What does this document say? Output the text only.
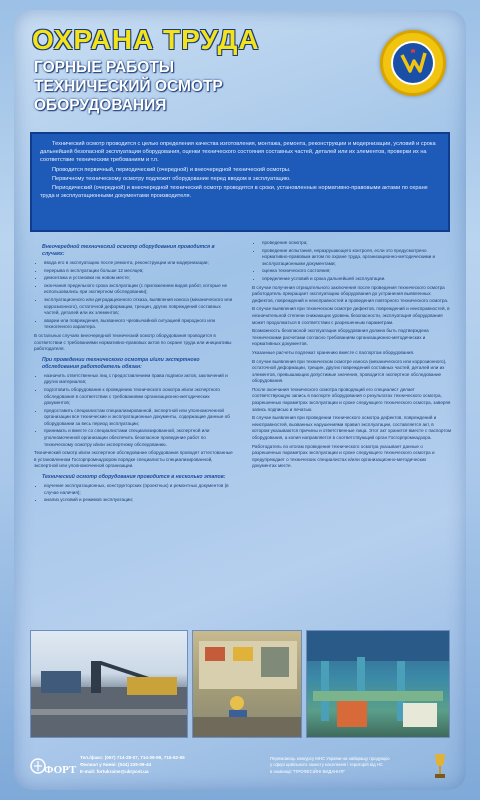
ОХРАНА ТРУДА
ГОРНЫЕ РАБОТЫ
ТЕХНИЧЕСКИЙ ОСМОТР
ОБОРУДОВАНИЯ

Технический осмотр проводится с целью определения качества изготовления, монтажа, ремонта, реконструкции и модернизации, условий и срока дальнейшей безопасной эксплуатации оборудования, оценки технического состояния составных частей, деталей или их элементов, проверки их на соответствие техническим требованиям и т.п.

Проводится первичный, периодический (очередной) и внеочередной технический осмотры.

Первичному техническому осмотру подлежит оборудование перед вводом в эксплуатацию.

Периодический (очередной) и внеочередной технический осмотр проводятся в сроки, установленные нормативно-правовыми актами по охране труда и эксплуатационными документами производителя.

Внеочередной технический осмотр оборудования проводится в случаях:
• ввода его в эксплуатацию после ремонта, реконструкции или модернизации;
• перерыва в эксплуатации больше 12 месяцев;
• демонтажа и установки на новом месте;
• окончания предельного срока эксплуатации (с приложением видов работ, которые не использовались при экспертном обследовании);
• эксплуатационного или деградационного отказа, выявления износа (механического или коррозионного), остаточной деформации, трещин, других повреждений составных частей, деталей или их элементов;
• аварии или повреждения, вызванного чрезвычайной ситуацией природного или техногенного характера.

В остальных случаях внеочередной технический осмотр оборудования проводится в соответствии с требованиями нормативно-правовых актов по охране труда или инициативы работодателя.

При проведении технического осмотра и/или экспертного обследования работодатель обязан:
• назначить ответственных лиц с предоставлением права подписи актов, заключений и других материалов;
• подготовить оборудование к проведению технического осмотра и/или экспертного обследования в соответствии с требованиями организационно-методических документов;
• предоставить специалистам специализированной, экспертной или уполномоченной организации все технические и эксплуатационные документы, содержащие данные об оборудовании за весь период эксплуатации;
• принимать и вместе со специалистами специализированной, экспертной или уполномоченной организации обеспечить безопасное проведение работ по техническому осмотру и/или экспертному обследованию.

Технический осмотр и/или экспертное обследование оборудования проводят аттестованные в установленном Госгорпромнадзором порядке специалисты специализированной, экспертной или уполномоченной организации.

Технический осмотр оборудования проводится в несколько этапов:
• изучение эксплуатационных, конструкторских (проектных) и ремонтных документов (в случае наличия);
• анализ условий и режимов эксплуатации;
• проведение осмотра;
• проведение испытания, неразрушающего контроля, если это предусмотрено нормативно-правовым актом по охране труда, организационно-методическими и эксплуатационными документами;
• оценка технического состояния;
• определение условий и срока дальнейшей эксплуатации.

В случае получения отрицательного заключения после проведения технического осмотра работодатель прекращает эксплуатацию оборудования до устранения выявленных дефектов, повреждений и неисправностей и проведения повторного технического осмотра.

В случае выявления при техническом осмотре дефектов, повреждений и неисправностей, в незначительной степени снижающих уровень безопасности, эксплуатация оборудования может продолжаться в соответствии с разрешенным параметрам.

Возможность безопасной эксплуатации оборудования должна быть подтверждена техническими расчетами согласно требованиям организационно-методических и нормативных документов.

Указанные расчеты подлежат хранению вместе с паспортом оборудования.

В случае выявления при техническом осмотре износа (механического или коррозионного), остаточной деформации, трещин, других повреждений составных частей, деталей или их элементов, превышающих допустимые значения, проводится экспертное обследование оборудования.

После окончания технического осмотра проводящий его специалист делает соответствующую запись в паспорте оборудования о результатах технического осмотра, разрешенных параметрах эксплуатации и сроке следующего технического осмотра, заверяя запись подписью и печатью.

В случае выявления при проведении технического осмотра дефектов, повреждений и неисправностей, вызванных нарушениями правил эксплуатации, составляется акт, в котором указываются причины и ответственные лица. Этот акт хранится вместе с паспортом оборудования, а копия направляется в соответствующий орган Госгорпромнадзора.

Работодатель по итогам проведения технического осмотра указывает данные о разрешенных параметрах эксплуатации и сроке следующего технического осмотра и предупреждает о технических специалистах и/или организационно-методических документах месте.

ФОРТ
Тел./факс: (057) 714-28-07, 714-09-99, 715-62-65
Филиал у Киеві: (044) 229-09-44
E-mail: fortukraine@ukrpost.ua
Переможець конкурсу МНС України на найкращу продукцію
у сфері цивільного захисту населення і територій від НС
в номінації "ПРОФЕСІЙНІ ВИДАННЯ"
